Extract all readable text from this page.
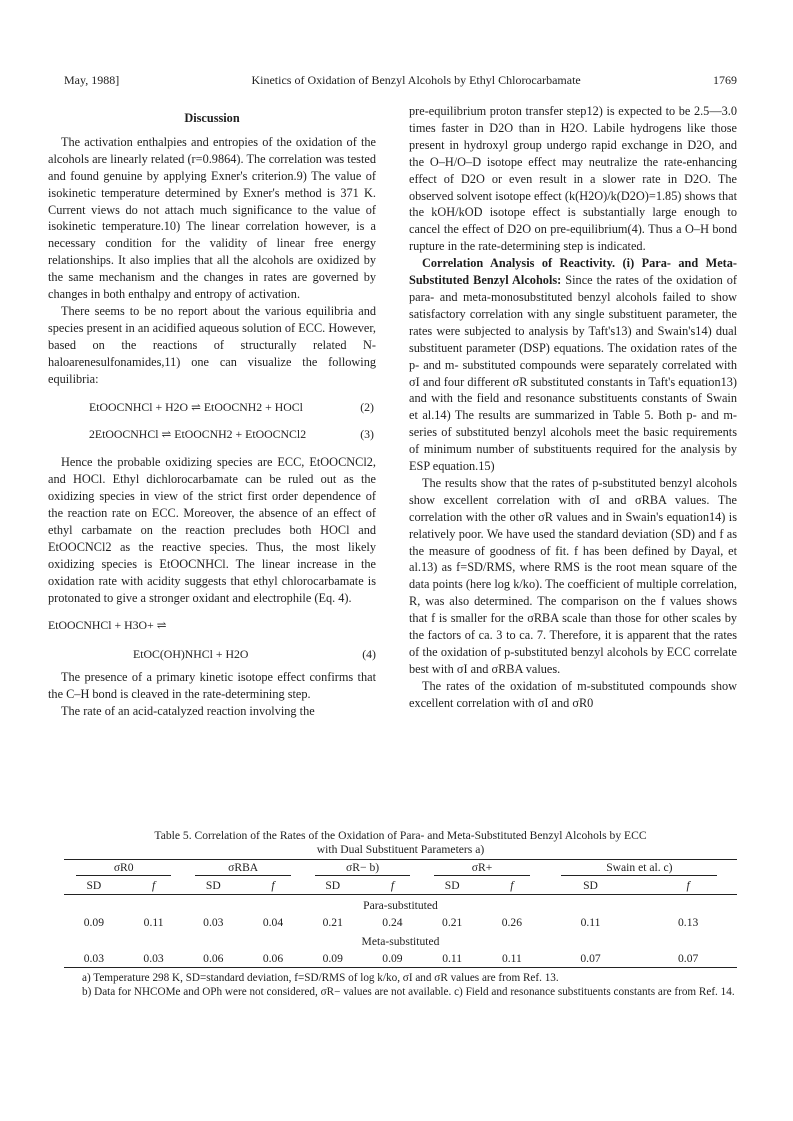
May, 1988]	Kinetics of Oxidation of Benzyl Alcohols by Ethyl Chlorocarbamate	1769
Discussion

The activation enthalpies and entropies of the oxidation of the alcohols are linearly related (r=0.9864). The correlation was tested and found genuine by applying Exner's criterion.9) The value of isokinetic temperature determined by Exner's method is 371 K. Current views do not attach much significance to the value of isokinetic temperature.10) The linear correlation however, is a necessary condition for the validity of linear free energy relationships. It also implies that all the alcohols are oxidized by the same mechanism and the changes in rates are governed by changes in both enthalpy and entropy of activation.

There seems to be no report about the various equilibria and species present in an acidified aqueous solution of ECC. However, based on the reactions of structurally related N-haloarenesulfonamides,11) one can visualize the following equilibria:

EtOOCNHCl + H2O ⇌ EtOOCNH2 + HOCl	(2)
2EtOOCNHCl ⇌ EtOOCNH2 + EtOOCNCl2	(3)

Hence the probable oxidizing species are ECC, EtOOCNCl2, and HOCl. Ethyl dichlorocarbamate can be ruled out as the oxidizing species in view of the strict first order dependence of the reaction rate on ECC. Moreover, the absence of an effect of ethyl carbamate on the reaction precludes both HOCl and EtOOCNCl2 as the reactive species. Thus, the most likely oxidizing species is EtOOCNHCl. The linear increase in the oxidation rate with acidity suggests that ethyl chlorocarbamate is protonated to give a stronger oxidant and electrophile (Eq. 4).

EtOOCNHCl + H3O+ ⇌
EtOC(OH)NHCl + H2O	(4)

The presence of a primary kinetic isotope effect confirms that the C–H bond is cleaved in the rate-determining step.

The rate of an acid-catalyzed reaction involving the

pre-equilibrium proton transfer step12) is expected to be 2.5—3.0 times faster in D2O than in H2O. Labile hydrogens like those present in hydroxyl group undergo rapid exchange in D2O, and the O–H/O–D isotope effect may neutralize the rate-enhancing effect of D2O or even result in a slower rate in D2O. The observed solvent isotope effect (k(H2O)/k(D2O)=1.85) shows that the kOH/kOD isotope effect is substantially large enough to cancel the effect of D2O on pre-equilibrium(4). Thus a O–H bond rupture in the rate-determining step is indicated.

Correlation Analysis of Reactivity. (i) Para- and Meta-Substituted Benzyl Alcohols: Since the rates of the oxidation of para- and meta-monosubstituted benzyl alcohols failed to show satisfactory correlation with any single substituent parameter, the rates were subjected to analysis by Taft's13) and Swain's14) dual substituent parameter (DSP) equations. The oxidation rates of the p- and m- substituted compounds were separately correlated with σI and four different σR substituted constants in Taft's equation13) and with the field and resonance substituents constants of Swain et al.14) The results are summarized in Table 5. Both p- and m-series of substituted benzyl alcohols meet the basic requirements of minimum number of substituents required for the analysis by ESP equation.15)

The results show that the rates of p-substituted benzyl alcohols show excellent correlation with σI and σRBA values. The correlation with the other σR values and in Swain's equation14) is relatively poor. We have used the standard deviation (SD) and f as the measure of goodness of fit. f has been defined by Dayal, et al.13) as f=SD/RMS, where RMS is the root mean square of the data points (here log k/ko). The coefficient of multiple correlation, R, was also determined. The comparison on the f values shows that f is smaller for the σRBA scale than those for other scales by the factors of ca. 3 to ca. 7. Therefore, it is apparent that the rates of the oxidation of p-substituted benzyl alcohols by ECC correlate best with σI and σRBA values.

The rates of the oxidation of m-substituted compounds show excellent correlation with σI and σR0

Table 5. Correlation of the Rates of the Oxidation of Para- and Meta-Substituted Benzyl Alcohols by ECC with Dual Substituent Parameters a)
σR0		σRBA		σR− b)		σR+		Swain et al. c)	
SD	f	SD	f	SD	f	SD	f	SD	f
Para-substituted									
0.09	0.11	0.03	0.04	0.21	0.24	0.21	0.26	0.11	0.13
Meta-substituted									
0.03	0.03	0.06	0.06	0.09	0.09	0.11	0.11	0.07	0.07
a) Temperature 298 K, SD=standard deviation, f=SD/RMS of log k/ko, σI and σR values are from Ref. 13.
b) Data for NHCOMe and OPh were not considered, σR− values are not available. c) Field and resonance substituents constants are from Ref. 14.
